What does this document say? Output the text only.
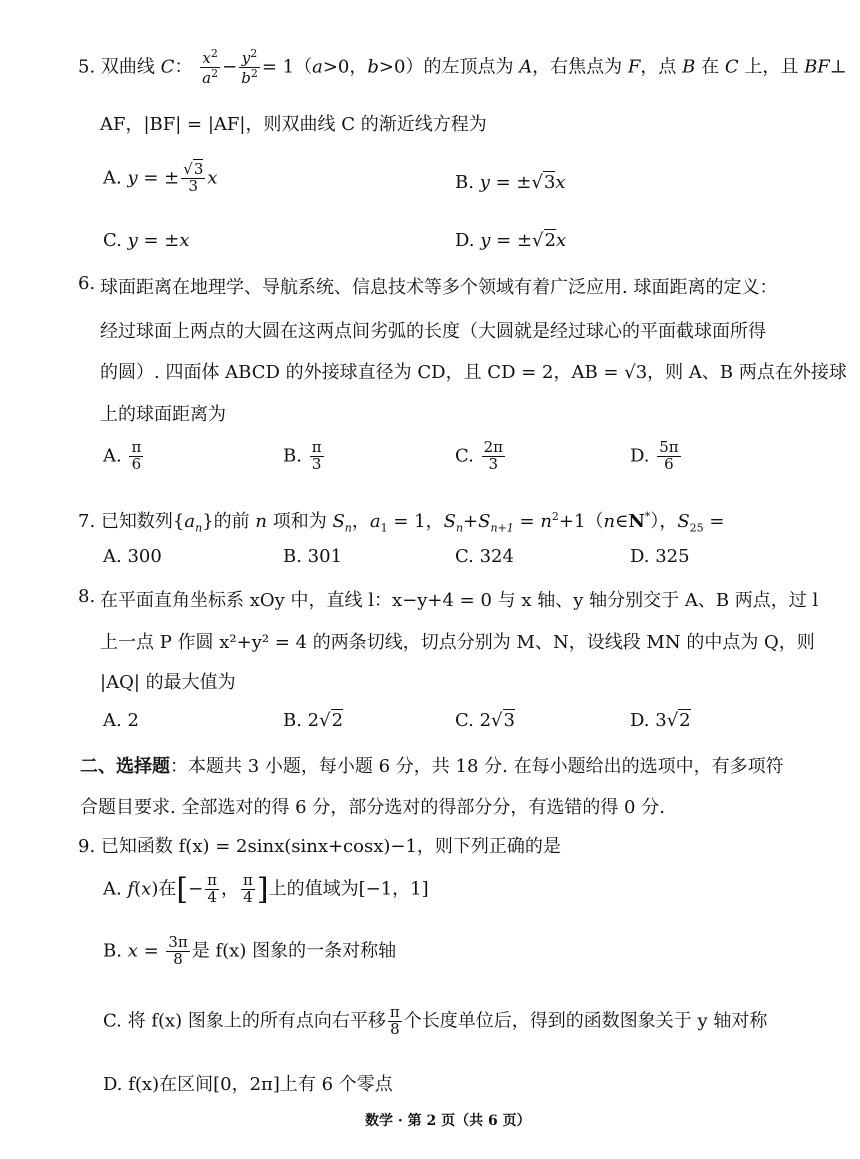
5. 双曲线 C： $\frac{x^2}{a^2} - \frac{y^2}{b^2} = 1(a>0$，b>0）的左顶点为 A，右焦点为 F，点 B 在 C 上，且 BF⊥
AF，|BF| = |AF|，则双曲线 C 的渐近线方程为
A. y = ± $\frac{√3}{3}$ x	B. y = ±√3x
C. y = ±x	D. y = ±√2x
6. 球面距离在地理学、导航系统、信息技术等多个领域有着广泛应用. 球面距离的定义：
经过球面上两点的大圆在这两点间劣弧的长度（大圆就是经过球心的平面截球面所得
的圆）. 四面体 ABCD 的外接球直径为 CD，且 CD = 2，AB = √3，则 A、B 两点在外接球
上的球面距离为
A. $\frac{\pi}{6}$	B. $\frac{\pi}{3}$	C. $\frac{2\pi}{3}$	D. $\frac{5\pi}{6}$
7. 已知数列$\{a_n\}$的前 n 项和为 $S_n$，$a_1 = 1$，$S_n+S_{n+1}$ = $n^2+1(n\in N^*)$，$S_{25}$ =
A. 300	B. 301	C. 324	D. 325
8. 在平面直角坐标系 xOy 中，直线 l：x−y+4 = 0 与 x 轴、y 轴分别交于 A、B 两点，过 l
上一点 P 作圆 x²+y² = 4 的两条切线，切点分别为 M、N，设线段 MN 的中点为 Q，则
|AQ| 的最大值为
A. 2	B. 2√2	C. 2√3	D. 3√2
二、选择题：本题共 3 小题，每小题 6 分，共 18 分. 在每小题给出的选项中，有多项符
合题目要求. 全部选对的得 6 分，部分选对的得部分分，有选错的得 0 分.
9. 已知函数 f(x) = 2sinx(sinx+cosx)−1，则下列正确的是
A. f(x)在[− $\frac{\pi}{4}$ ， $\frac{\pi}{4}$ ]上的值域为[−1，1]
B. $x = \frac{3\pi}{8}$ 是 f(x) 图象的一条对称轴
C. 将 f(x) 图象上的所有点向右平移 $\frac{\pi}{8}$ 个长度单位后，得到的函数图象关于 y 轴对称
D. f(x)在区间[0，2π]上有 6 个零点
数学 · 第 2 页（共 6 页）
